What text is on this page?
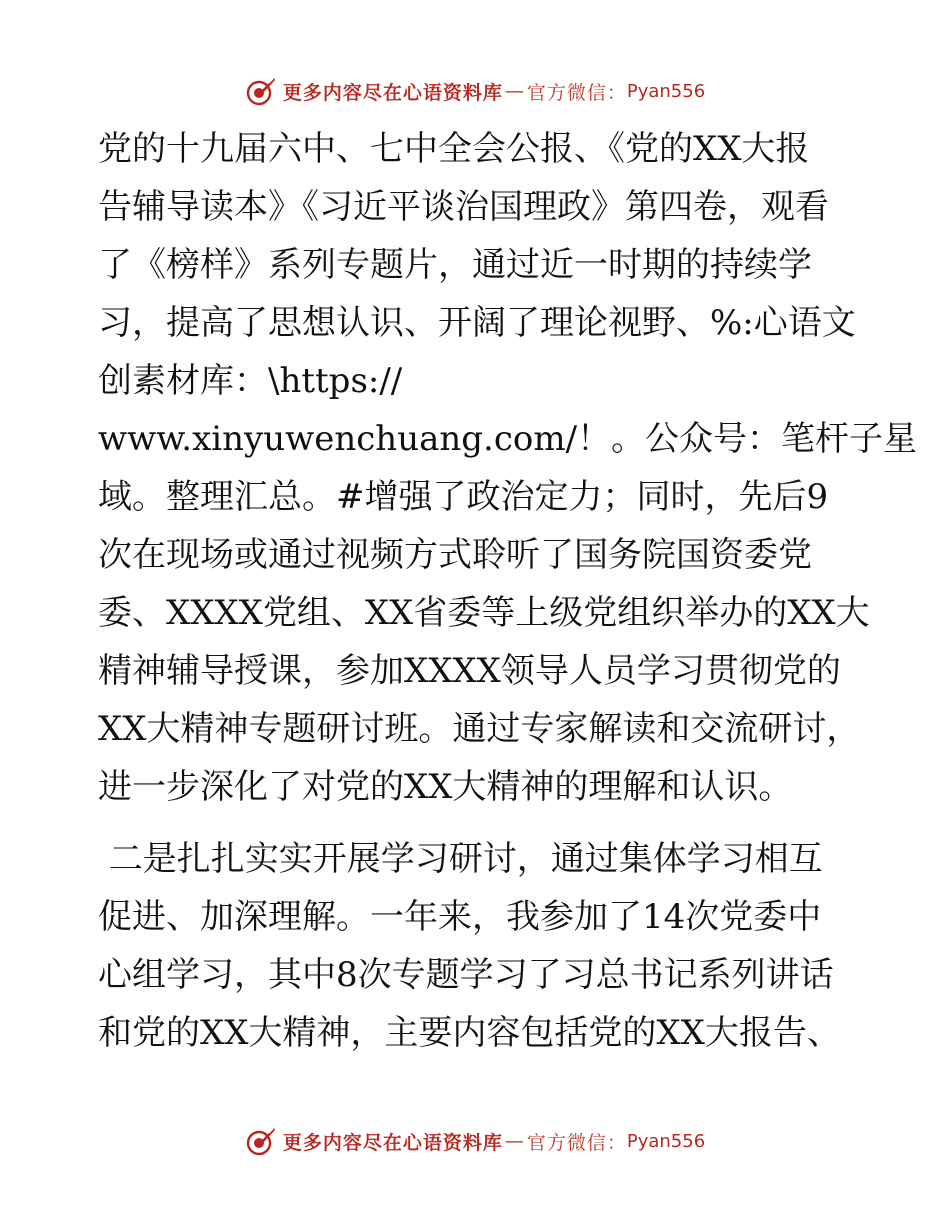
更多内容尽在心语资料库 — 官方微信： Pyan556
党的十九届六中、七中全会公报、《党的XX大报
告辅导读本》《习近平谈治国理政》第四卷，观看
了《榜样》系列专题片，通过近一时期的持续学
习，提高了思想认识、开阔了理论视野、%:心语文
创素材库：\https://
www.xinyuwenchuang.com/！。公众号：笔杆子星
域。整理汇总。#增强了政治定力；同时，先后9
次在现场或通过视频方式聆听了国务院国资委党
委、XXXX党组、XX省委等上级党组织举办的XX大
精神辅导授课，参加XXXX领导人员学习贯彻党的
XX大精神专题研讨班。通过专家解读和交流研讨，
进一步深化了对党的XX大精神的理解和认识。
二是扎扎实实开展学习研讨，通过集体学习相互
促进、加深理解。一年来，我参加了14次党委中
心组学习，其中8次专题学习了习总书记系列讲话
和党的XX大精神，主要内容包括党的XX大报告、
更多内容尽在心语资料库 — 官方微信： Pyan556
